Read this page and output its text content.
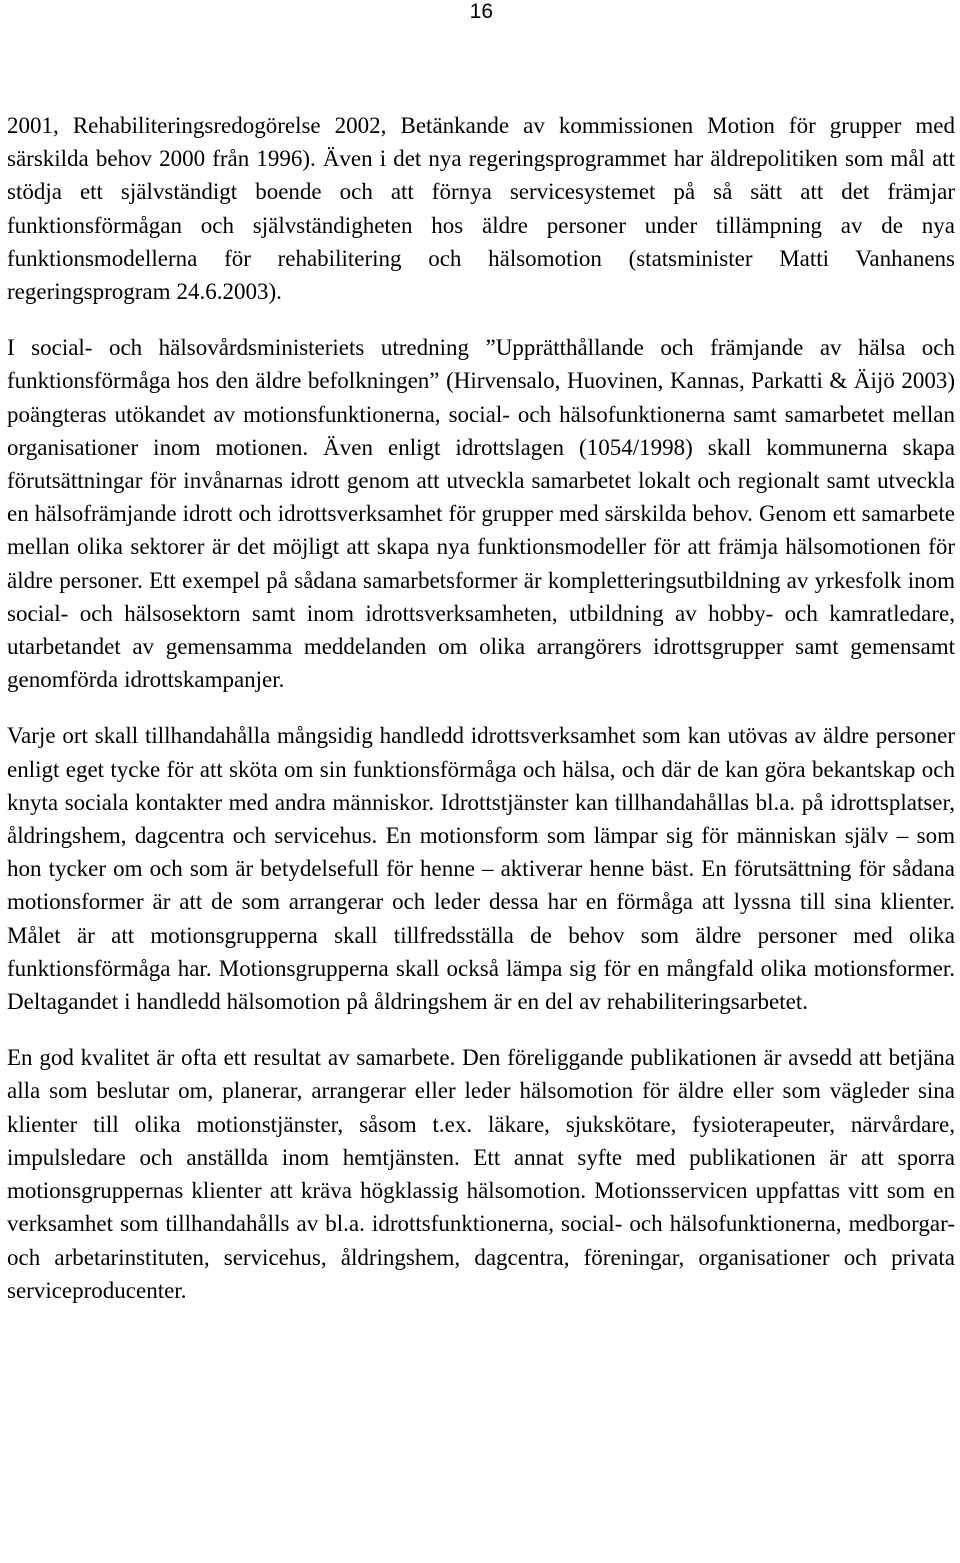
16

2001, Rehabiliteringsredogörelse 2002, Betänkande av kommissionen Motion för grupper med särskilda behov 2000 från 1996). Även i det nya regeringsprogrammet har äldrepolitiken som mål att stödja ett självständigt boende och att förnya servicesystemet på så sätt att det främjar funktionsförmågan och självständigheten hos äldre personer under tillämpning av de nya funktionsmodellerna för rehabilitering och hälsomotion (statsminister Matti Vanhanens regeringsprogram 24.6.2003).

I social- och hälsovårdsministeriets utredning ”Upprätthållande och främjande av hälsa och funktionsförmåga hos den äldre befolkningen” (Hirvensalo, Huovinen, Kannas, Parkatti & Äijö 2003) poängteras utökandet av motionsfunktionerna, social- och hälsofunktionerna samt samarbetet mellan organisationer inom motionen. Även enligt idrottslagen (1054/1998) skall kommunerna skapa förutsättningar för invånarnas idrott genom att utveckla samarbetet lokalt och regionalt samt utveckla en hälsofrämjande idrott och idrottsverksamhet för grupper med särskilda behov. Genom ett samarbete mellan olika sektorer är det möjligt att skapa nya funktionsmodeller för att främja hälsomotionen för äldre personer. Ett exempel på sådana samarbetsformer är kompletteringsutbildning av yrkesfolk inom social- och hälsosektorn samt inom idrottsverksamheten, utbildning av hobby- och kamratledare, utarbetandet av gemensamma meddelanden om olika arrangörers idrottsgrupper samt gemensamt genomförda idrottskampanjer.

Varje ort skall tillhandahålla mångsidig handledd idrottsverksamhet som kan utövas av äldre personer enligt eget tycke för att sköta om sin funktionsförmåga och hälsa, och där de kan göra bekantskap och knyta sociala kontakter med andra människor. Idrottstjänster kan tillhandahållas bl.a. på idrottsplatser, åldringshem, dagcentra och servicehus. En motionsform som lämpar sig för människan själv – som hon tycker om och som är betydelsefull för henne – aktiverar henne bäst. En förutsättning för sådana motionsformer är att de som arrangerar och leder dessa har en förmåga att lyssna till sina klienter. Målet är att motionsgrupperna skall tillfredsställa de behov som äldre personer med olika funktionsförmåga har. Motionsgrupperna skall också lämpa sig för en mångfald olika motionsformer. Deltagandet i handledd hälsomotion på åldringshem är en del av rehabiliteringsarbetet.

En god kvalitet är ofta ett resultat av samarbete. Den föreliggande publikationen är avsedd att betjäna alla som beslutar om, planerar, arrangerar eller leder hälsomotion för äldre eller som vägleder sina klienter till olika motionstjänster, såsom t.ex. läkare, sjukskötare, fysioterapeuter, närvårdare, impulsledare och anställda inom hemtjänsten. Ett annat syfte med publikationen är att sporra motionsgruppernas klienter att kräva högklassig hälsomotion. Motionsservicen uppfattas vitt som en verksamhet som tillhandahålls av bl.a. idrottsfunktionerna, social- och hälsofunktionerna, medborgar- och arbetarinstituten, servicehus, åldringshem, dagcentra, föreningar, organisationer och privata serviceproducenter.
